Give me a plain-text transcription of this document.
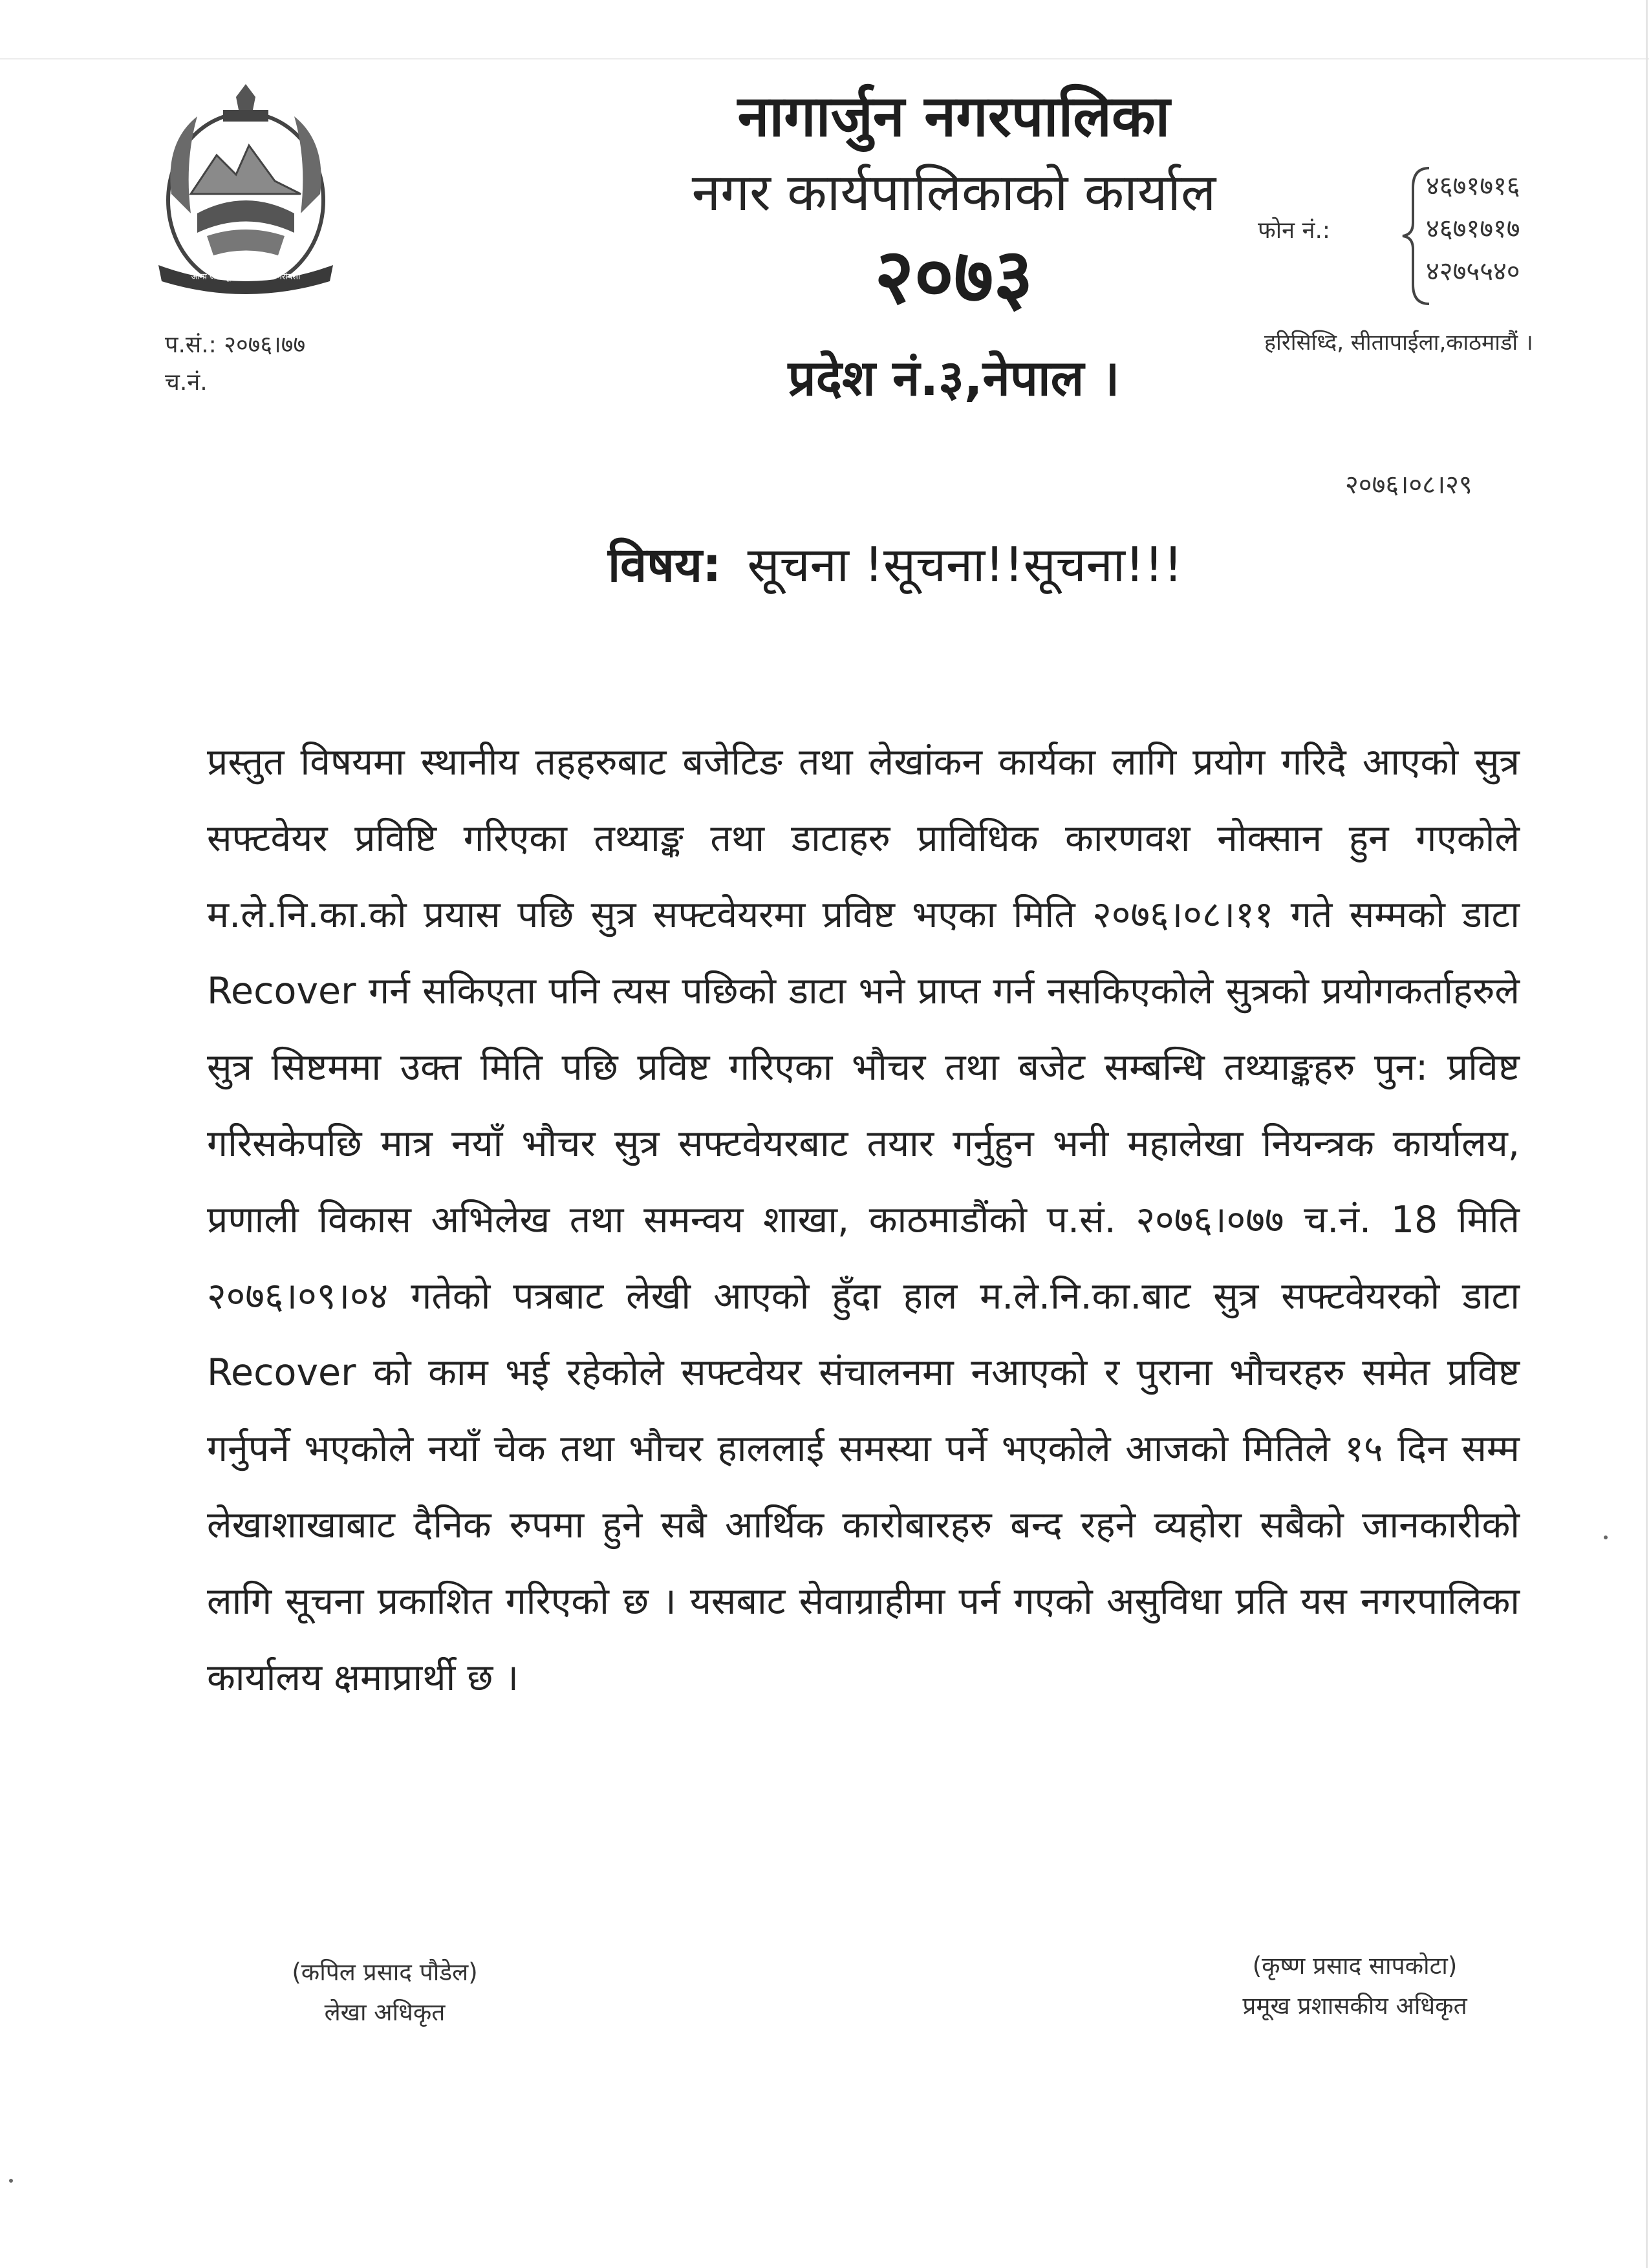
आमा जन्मभूमिश्च स्वर्गादपि गरीयसी
नागार्जुन नगरपालिका
नगर कार्यपालिकाको कार्याल
२०७३
प्रदेश नं.३,नेपाल ।
फोन नं.:
४६७१७१६
४६७१७१७
४२७५५४०
हरिसिध्दि, सीतापाईला,काठमाडौं ।
प.सं.: २०७६।७७
च.नं.
२०७६।०८।२९
विषय: सूचना !सूचना!!सूचना!!!

प्रस्तुत विषयमा स्थानीय तहहरुबाट बजेटिङ तथा लेखांकन कार्यका लागि प्रयोग गरिदै आएको सुत्र सफ्टवेयर प्रविष्टि गरिएका तथ्याङ्क तथा डाटाहरु प्राविधिक कारणवश नोक्सान हुन गएकोले म.ले.नि.का.को प्रयास पछि सुत्र सफ्टवेयरमा प्रविष्ट भएका मिति २०७६।०८।११ गते सम्मको डाटा Recover गर्न सकिएता पनि त्यस पछिको डाटा भने प्राप्त गर्न नसकिएकोले सुत्रको प्रयोगकर्ताहरुले सुत्र सिष्टममा उक्त मिति पछि प्रविष्ट गरिएका भौचर तथा बजेट सम्बन्धि तथ्याङ्कहरु पुन: प्रविष्ट गरिसकेपछि मात्र नयाँ भौचर सुत्र सफ्टवेयरबाट तयार गर्नुहुन भनी महालेखा नियन्त्रक कार्यालय, प्रणाली विकास अभिलेख तथा समन्वय शाखा, काठमाडौंको प.सं. २०७६।०७७ च.नं. 18 मिति २०७६।०९।०४ गतेको पत्रबाट लेखी आएको हुँदा हाल म.ले.नि.का.बाट सुत्र सफ्टवेयरको डाटा Recover को काम भई रहेकोले सफ्टवेयर संचालनमा नआएको र पुराना भौचरहरु समेत प्रविष्ट गर्नुपर्ने भएकोले नयाँ चेक तथा भौचर हाललाई समस्या पर्ने भएकोले आजको मितिले १५ दिन सम्म लेखाशाखाबाट दैनिक रुपमा हुने सबै आर्थिक कारोबारहरु बन्द रहने व्यहोरा सबैको जानकारीको लागि सूचना प्रकाशित गरिएको छ । यसबाट सेवाग्राहीमा पर्न गएको असुविधा प्रति यस नगरपालिका कार्यालय क्षमाप्रार्थी छ ।

(कपिल प्रसाद पौडेल)
लेखा अधिकृत
(कृष्ण प्रसाद सापकोटा)
प्रमूख प्रशासकीय अधिकृत
